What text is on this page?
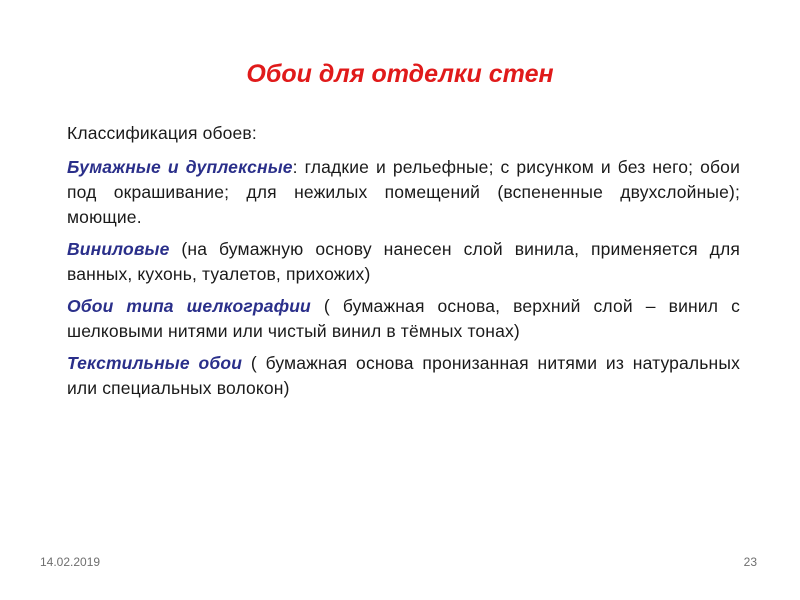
Обои для отделки стен
Классификация обоев:
Бумажные и дуплексные: гладкие и рельефные; с рисунком и без него; обои под окрашивание; для нежилых помещений (вспененные двухслойные); моющие.
Виниловые (на бумажную основу нанесен слой винила, применяется для ванных, кухонь, туалетов, прихожих)
Обои типа шелкографии ( бумажная основа, верхний слой – винил с шелковыми нитями или чистый винил в тёмных тонах)
Текстильные обои ( бумажная основа пронизанная нитями из натуральных или специальных волокон)
14.02.2019	23
